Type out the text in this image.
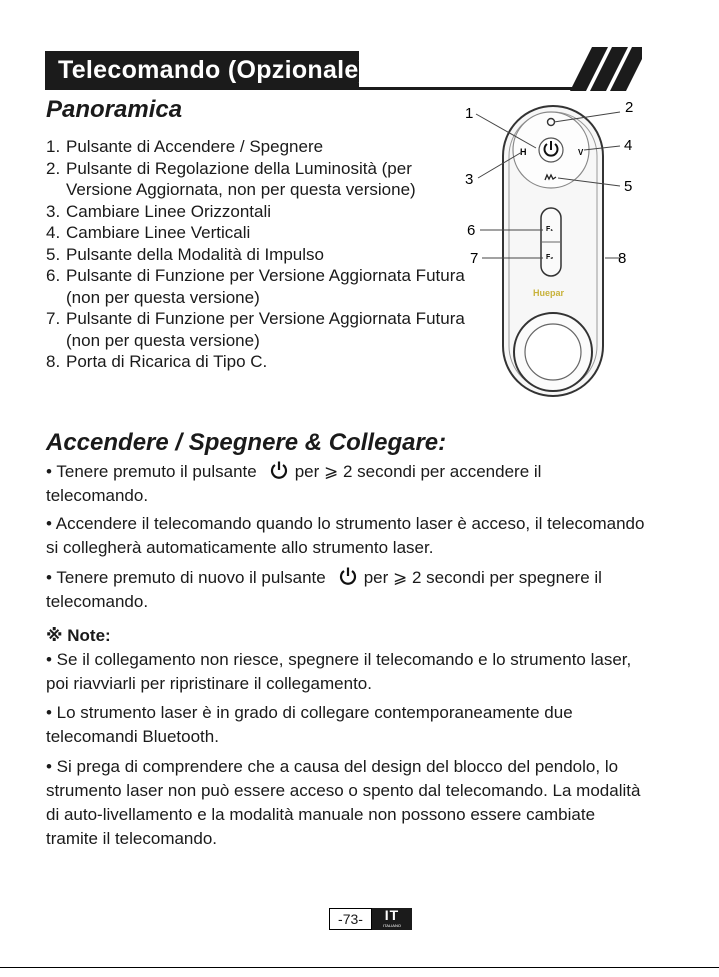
Telecomando (Opzionale)
Panoramica
1. Pulsante di Accendere / Spegnere
2. Pulsante di Regolazione della Luminosità (per Versione Aggiornata, non per questa versione)
3. Cambiare Linee Orizzontali
4. Cambiare Linee Verticali
5. Pulsante della Modalità di Impulso
6. Pulsante di Funzione per Versione Aggiornata Futura (non per questa versione)
7. Pulsante di Funzione per Versione Aggiornata Futura (non per questa versione)
8. Porta di Ricarica di Tipo C.
H	V
F₁
F₂
Huepar
1	2
3
4
5
6
7	8
Accendere / Spegnere & Collegare:

• Tenere premuto il pulsante per ⩾ 2 secondi per accendere il telecomando.

• Accendere il telecomando quando lo strumento laser è acceso, il telecomando si collegherà automaticamente allo strumento laser.

• Tenere premuto di nuovo il pulsante per ⩾ 2 secondi per spegnere il telecomando.

※ Note:

• Se il collegamento non riesce, spegnere il telecomando e lo strumento laser, poi riavviarli per ripristinare il collegamento.

• Lo strumento laser è in grado di collegare contemporaneamente due telecomandi Bluetooth.

• Si prega di comprendere che a causa del design del blocco del pendolo, lo strumento laser non può essere acceso o spento dal telecomando. La modalità di auto-livellamento e la modalità manuale non possono essere cambiate tramite il telecomando.

-73-	IT
ITALIANO
